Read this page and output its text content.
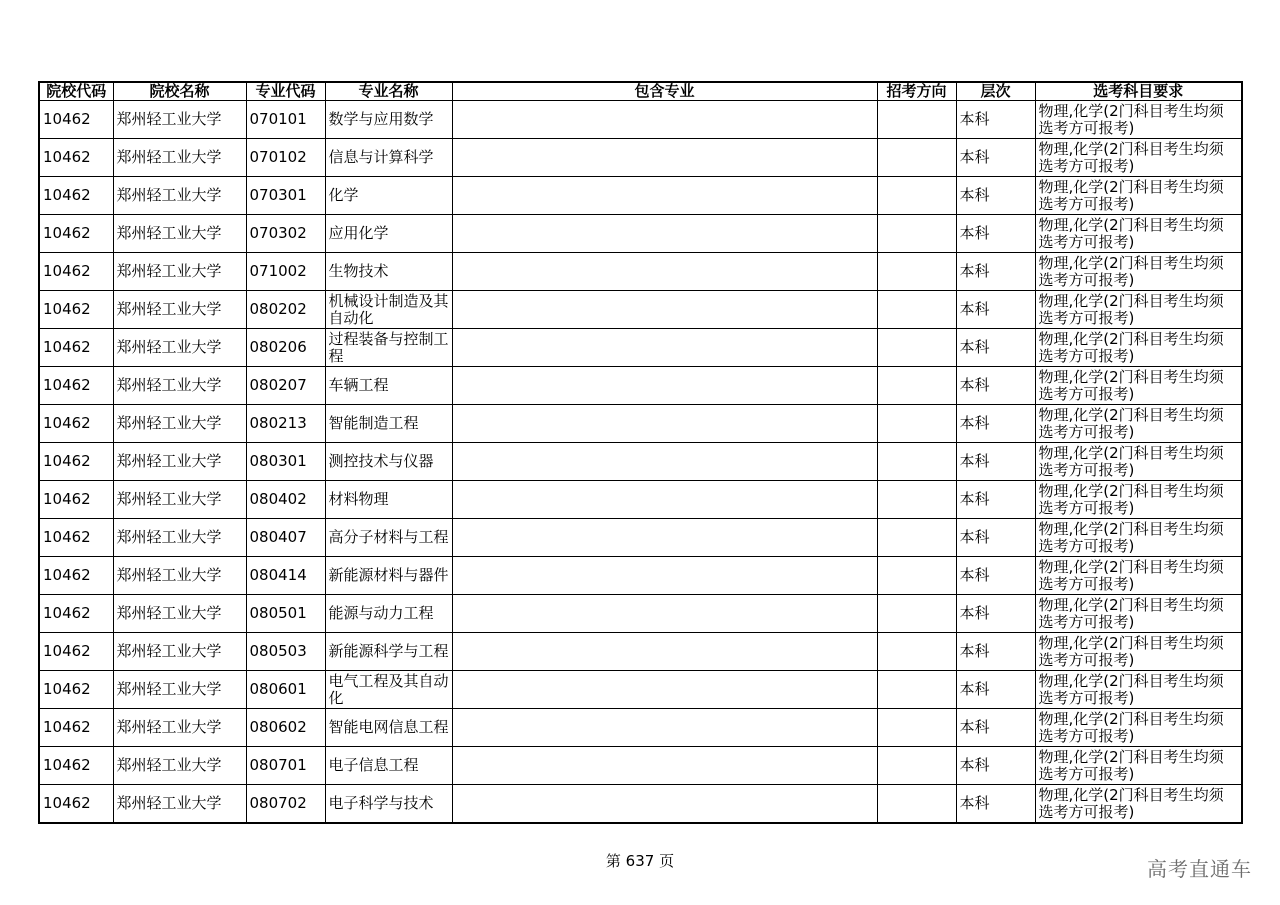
院校代码	院校名称	专业代码	专业名称	包含专业	招考方向	层次	选考科目要求
10462	郑州轻工业大学	070101	数学与应用数学			本科	物理,化学(2门科目考生均须选考方可报考)
10462	郑州轻工业大学	070102	信息与计算科学			本科	物理,化学(2门科目考生均须选考方可报考)
10462	郑州轻工业大学	070301	化学			本科	物理,化学(2门科目考生均须选考方可报考)
10462	郑州轻工业大学	070302	应用化学			本科	物理,化学(2门科目考生均须选考方可报考)
10462	郑州轻工业大学	071002	生物技术			本科	物理,化学(2门科目考生均须选考方可报考)
10462	郑州轻工业大学	080202	机械设计制造及其自动化			本科	物理,化学(2门科目考生均须选考方可报考)
10462	郑州轻工业大学	080206	过程装备与控制工程			本科	物理,化学(2门科目考生均须选考方可报考)
10462	郑州轻工业大学	080207	车辆工程			本科	物理,化学(2门科目考生均须选考方可报考)
10462	郑州轻工业大学	080213	智能制造工程			本科	物理,化学(2门科目考生均须选考方可报考)
10462	郑州轻工业大学	080301	测控技术与仪器			本科	物理,化学(2门科目考生均须选考方可报考)
10462	郑州轻工业大学	080402	材料物理			本科	物理,化学(2门科目考生均须选考方可报考)
10462	郑州轻工业大学	080407	高分子材料与工程			本科	物理,化学(2门科目考生均须选考方可报考)
10462	郑州轻工业大学	080414	新能源材料与器件			本科	物理,化学(2门科目考生均须选考方可报考)
10462	郑州轻工业大学	080501	能源与动力工程			本科	物理,化学(2门科目考生均须选考方可报考)
10462	郑州轻工业大学	080503	新能源科学与工程			本科	物理,化学(2门科目考生均须选考方可报考)
10462	郑州轻工业大学	080601	电气工程及其自动化			本科	物理,化学(2门科目考生均须选考方可报考)
10462	郑州轻工业大学	080602	智能电网信息工程			本科	物理,化学(2门科目考生均须选考方可报考)
10462	郑州轻工业大学	080701	电子信息工程			本科	物理,化学(2门科目考生均须选考方可报考)
10462	郑州轻工业大学	080702	电子科学与技术			本科	物理,化学(2门科目考生均须选考方可报考)
第 637 页	高考直通车
